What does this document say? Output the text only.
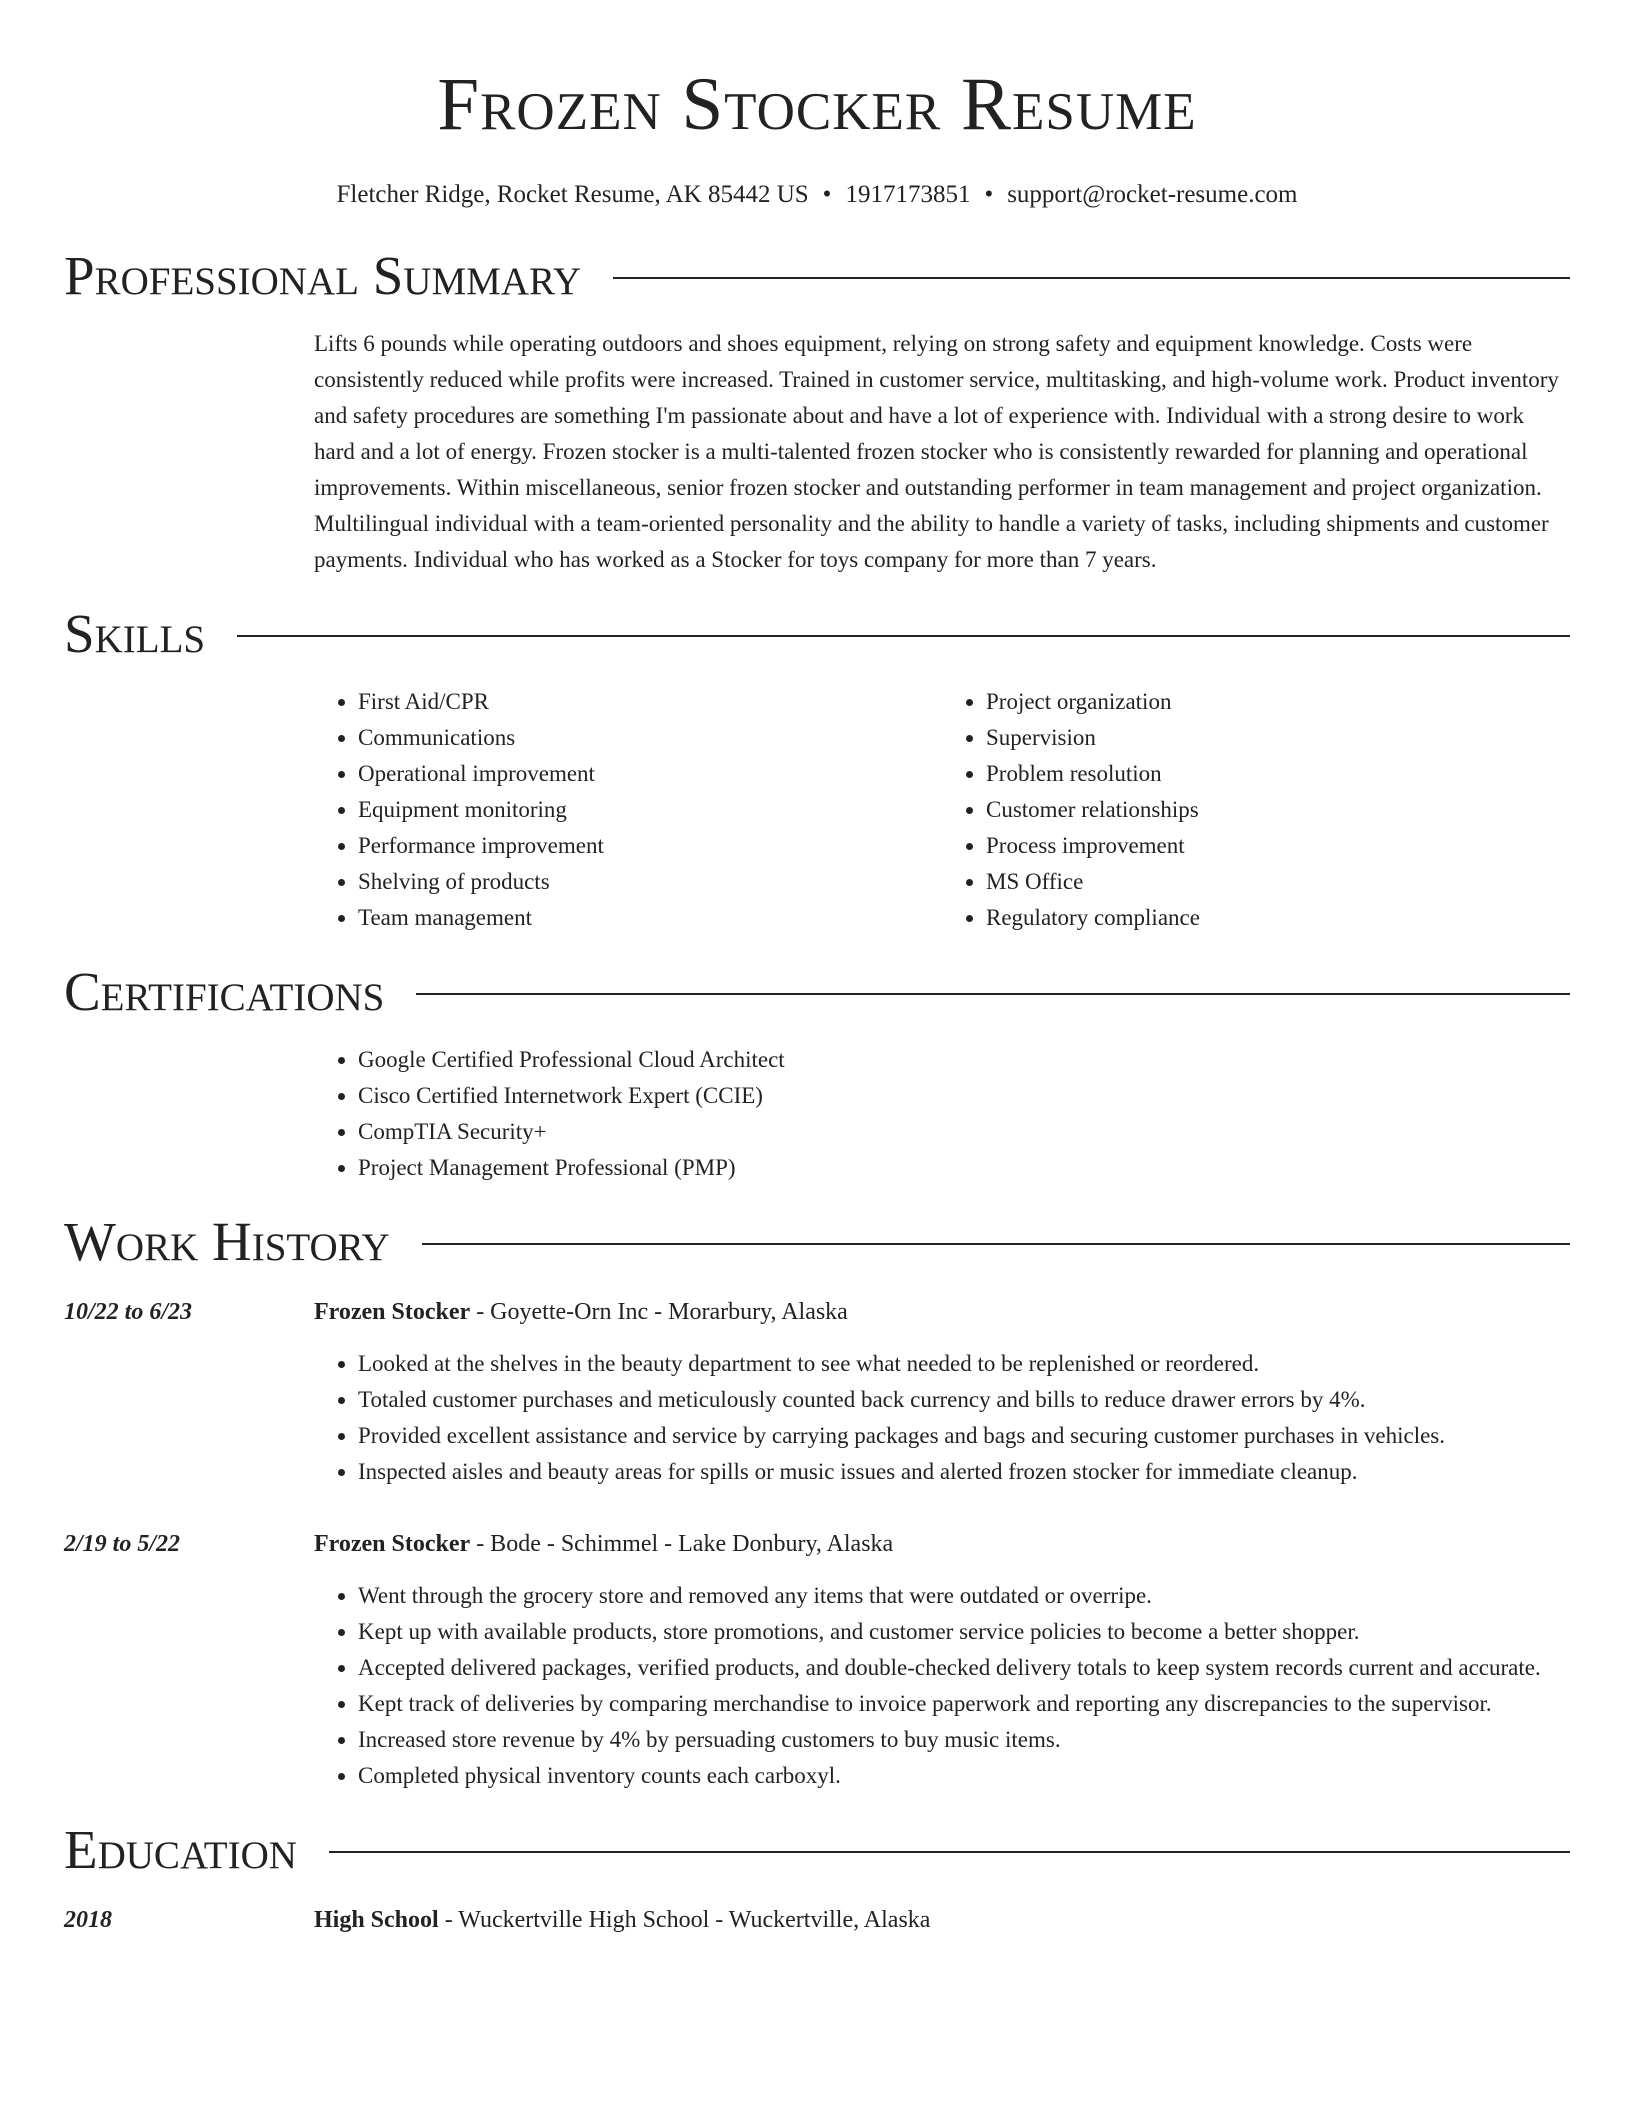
Frozen Stocker Resume
Fletcher Ridge, Rocket Resume, AK 85442 US • 1917173851 • support@rocket-resume.com
Professional Summary
Lifts 6 pounds while operating outdoors and shoes equipment, relying on strong safety and equipment knowledge. Costs were consistently reduced while profits were increased. Trained in customer service, multitasking, and high-volume work. Product inventory and safety procedures are something I'm passionate about and have a lot of experience with. Individual with a strong desire to work hard and a lot of energy. Frozen stocker is a multi-talented frozen stocker who is consistently rewarded for planning and operational improvements. Within miscellaneous, senior frozen stocker and outstanding performer in team management and project organization. Multilingual individual with a team-oriented personality and the ability to handle a variety of tasks, including shipments and customer payments. Individual who has worked as a Stocker for toys company for more than 7 years.
Skills
• First Aid/CPR
• Communications
• Operational improvement
• Equipment monitoring
• Performance improvement
• Shelving of products
• Team management
• Project organization
• Supervision
• Problem resolution
• Customer relationships
• Process improvement
• MS Office
• Regulatory compliance
Certifications
• Google Certified Professional Cloud Architect
• Cisco Certified Internetwork Expert (CCIE)
• CompTIA Security+
• Project Management Professional (PMP)
Work History
10/22 to 6/23	Frozen Stocker - Goyette-Orn Inc - Morarbury, Alaska
• Looked at the shelves in the beauty department to see what needed to be replenished or reordered.
• Totaled customer purchases and meticulously counted back currency and bills to reduce drawer errors by 4%.
• Provided excellent assistance and service by carrying packages and bags and securing customer purchases in vehicles.
• Inspected aisles and beauty areas for spills or music issues and alerted frozen stocker for immediate cleanup.
2/19 to 5/22	Frozen Stocker - Bode - Schimmel - Lake Donbury, Alaska
• Went through the grocery store and removed any items that were outdated or overripe.
• Kept up with available products, store promotions, and customer service policies to become a better shopper.
• Accepted delivered packages, verified products, and double-checked delivery totals to keep system records current and accurate.
• Kept track of deliveries by comparing merchandise to invoice paperwork and reporting any discrepancies to the supervisor.
• Increased store revenue by 4% by persuading customers to buy music items.
• Completed physical inventory counts each carboxyl.
Education
2018	High School - Wuckertville High School - Wuckertville, Alaska
